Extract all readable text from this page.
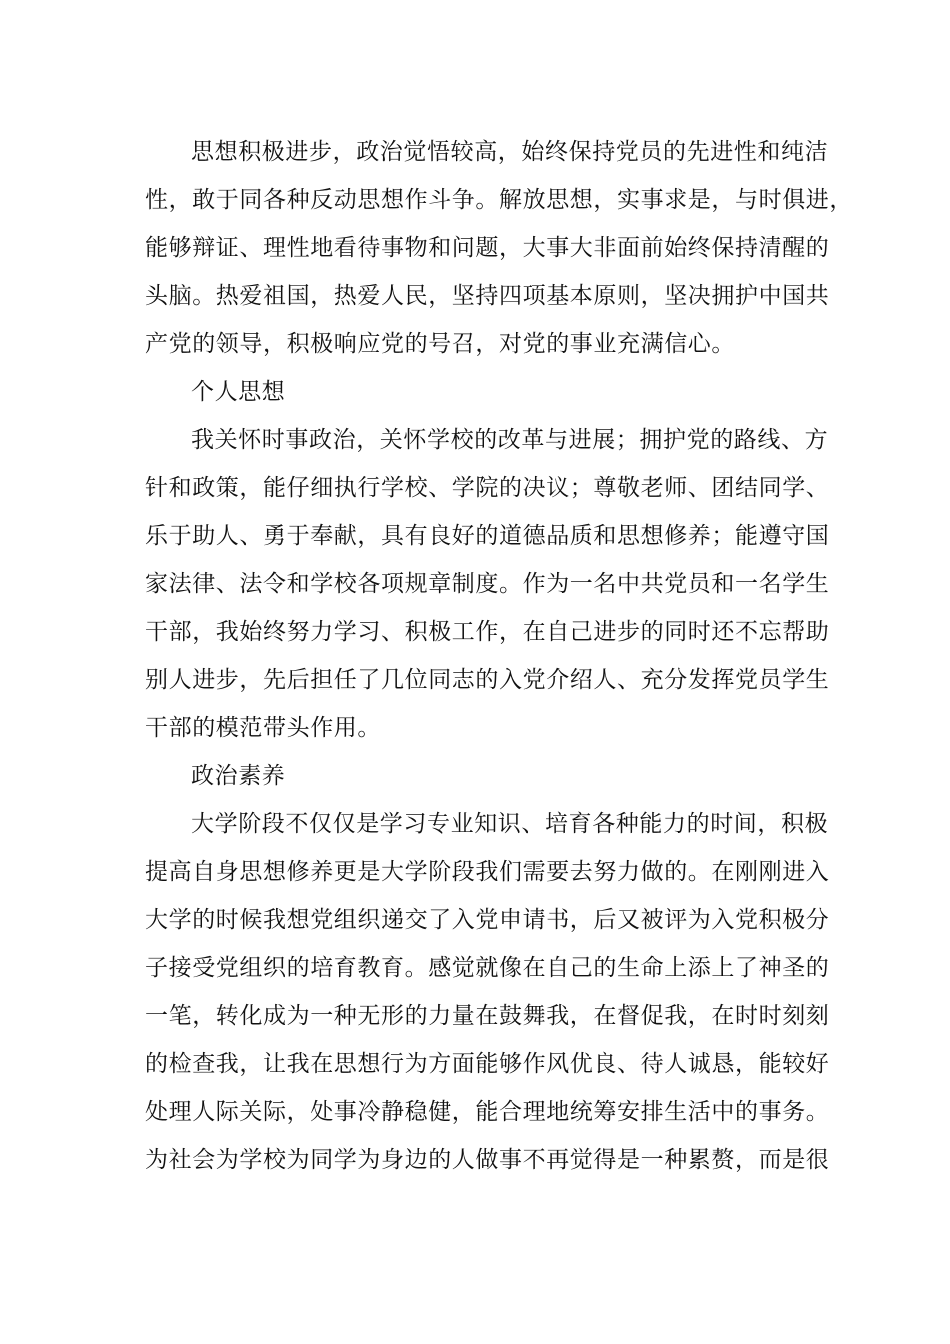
思想积极进步，政治觉悟较高，始终保持党员的先进性和纯洁
性，敢于同各种反动思想作斗争。解放思想，实事求是，与时俱进，
能够辩证、理性地看待事物和问题，大事大非面前始终保持清醒的
头脑。热爱祖国，热爱人民，坚持四项基本原则，坚决拥护中国共
产党的领导，积极响应党的号召，对党的事业充满信心。
个人思想
我关怀时事政治，关怀学校的改革与进展；拥护党的路线、方
针和政策，能仔细执行学校、学院的决议；尊敬老师、团结同学、
乐于助人、勇于奉献，具有良好的道德品质和思想修养；能遵守国
家法律、法令和学校各项规章制度。作为一名中共党员和一名学生
干部，我始终努力学习、积极工作，在自己进步的同时还不忘帮助
别人进步，先后担任了几位同志的入党介绍人、充分发挥党员学生
干部的模范带头作用。
政治素养
大学阶段不仅仅是学习专业知识、培育各种能力的时间，积极
提高自身思想修养更是大学阶段我们需要去努力做的。在刚刚进入
大学的时候我想党组织递交了入党申请书，后又被评为入党积极分
子接受党组织的培育教育。感觉就像在自己的生命上添上了神圣的
一笔，转化成为一种无形的力量在鼓舞我，在督促我，在时时刻刻
的检查我，让我在思想行为方面能够作风优良、待人诚恳，能较好
处理人际关际，处事冷静稳健，能合理地统筹安排生活中的事务。
为社会为学校为同学为身边的人做事不再觉得是一种累赘，而是很
